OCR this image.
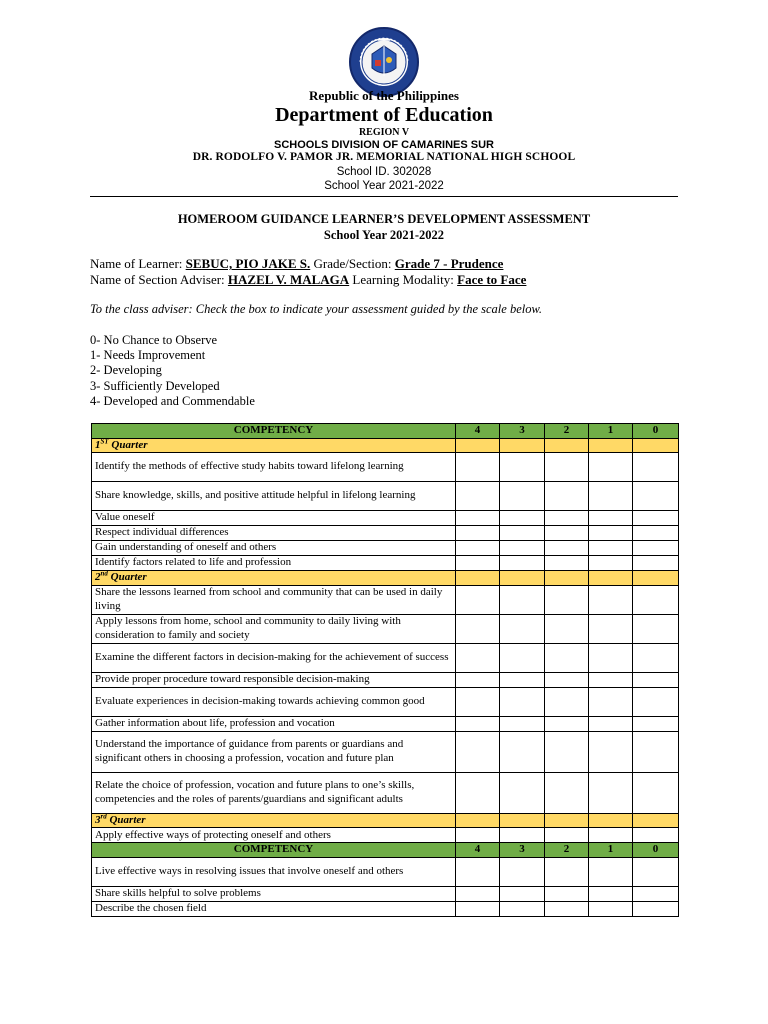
Republic of the Philippines
Department of Education
REGION V
SCHOOLS DIVISION OF CAMARINES SUR
DR. RODOLFO V. PAMOR JR. MEMORIAL NATIONAL HIGH SCHOOL
School ID. 302028
School Year 2021-2022
HOMEROOM GUIDANCE LEARNER’S DEVELOPMENT ASSESSMENT
School Year 2021-2022
Name of Learner: SEBUC, PIO JAKE S. Grade/Section: Grade 7 - Prudence
Name of Section Adviser: HAZEL V. MALAGA Learning Modality: Face to Face
To the class adviser: Check the box to indicate your assessment guided by the scale below.
0- No Chance to Observe
1- Needs Improvement
2- Developing
3- Sufficiently Developed
4- Developed and Commendable
COMPETENCY	4	3	2	1	0
1ST Quarter					
Identify the methods of effective study habits toward lifelong learning					
Share knowledge, skills, and positive attitude helpful in lifelong learning					
Value oneself					
Respect individual differences					
Gain understanding of oneself and others					
Identify factors related to life and profession					
2nd Quarter					
Share the lessons learned from school and community that can be used in daily living					
Apply lessons from home, school and community to daily living with consideration to family and society					
Examine the different factors in decision-making for the achievement of success					
Provide proper procedure toward responsible decision-making					
Evaluate experiences in decision-making towards achieving common good					
Gather information about life, profession and vocation					
Understand the importance of guidance from parents or guardians and significant others in choosing a profession, vocation and future plan					
Relate the choice of profession, vocation and future plans to one’s skills, competencies and the roles of parents/guardians and significant adults					
3rd Quarter					
Apply effective ways of protecting oneself and others					
COMPETENCY	4	3	2	1	0
Live effective ways in resolving issues that involve oneself and others					
Share skills helpful to solve problems					
Describe the chosen field					
